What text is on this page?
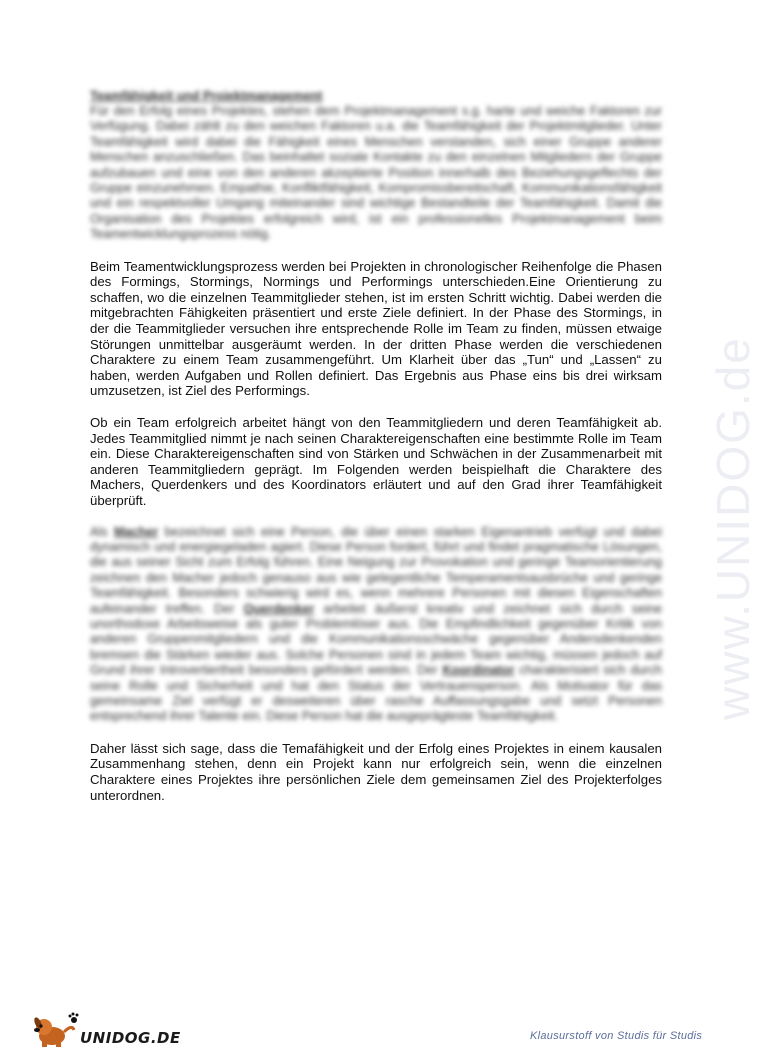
www.UNIDOG.de
Teamfähigkeit und Projektmanagement

Für den Erfolg eines Projektes, stehen dem Projektmanagement s.g. harte und weiche Faktoren zur Verfügung. Dabei zählt zu den weichen Faktoren u.a. die Teamfähigkeit der Projektmitglieder. Unter Teamfähigkeit wird dabei die Fähigkeit eines Menschen verstanden, sich einer Gruppe anderer Menschen anzuschließen. Das beinhaltet soziale Kontakte zu den einzelnen Mitgliedern der Gruppe aufzubauen und eine von den anderen akzeptierte Position innerhalb des Beziehungsgeflechts der Gruppe einzunehmen. Empathie, Konfliktfähigkeit, Kompromissbereitschaft, Kommunikationsfähigkeit und ein respektvoller Umgang miteinander sind wichtige Bestandteile der Teamfähigkeit. Damit die Organisation des Projektes erfolgreich wird, ist ein professionelles Projektmanagement beim Teamentwicklungsprozess nötig.

Beim Teamentwicklungsprozess werden bei Projekten in chronologischer Reihenfolge die Phasen des Formings, Stormings, Normings und Performings unterschieden.Eine Orientierung zu schaffen, wo die einzelnen Teammitglieder stehen, ist im ersten Schritt wichtig. Dabei werden die mitgebrachten Fähigkeiten präsentiert und erste Ziele definiert. In der Phase des Stormings, in der die Teammitglieder versuchen ihre entsprechende Rolle im Team zu finden, müssen etwaige Störungen unmittelbar ausgeräumt werden. In der dritten Phase werden die verschiedenen Charaktere zu einem Team zusammengeführt. Um Klarheit über das „Tun“ und „Lassen“ zu haben, werden Aufgaben und Rollen definiert. Das Ergebnis aus Phase eins bis drei wirksam umzusetzen, ist Ziel des Performings.

Ob ein Team erfolgreich arbeitet hängt von den Teammitgliedern und deren Teamfähigkeit ab. Jedes Teammitglied nimmt je nach seinen Charaktereigenschaften eine bestimmte Rolle im Team ein. Diese Charaktereigenschaften sind von Stärken und Schwächen in der Zusammenarbeit mit anderen Teammitgliedern geprägt. Im Folgenden werden beispielhaft die Charaktere des Machers, Querdenkers und des Koordinators erläutert und auf den Grad ihrer Teamfähigkeit überprüft.

Als Macher bezeichnet sich eine Person, die über einen starken Eigenantrieb verfügt und dabei dynamisch und energiegeladen agiert. Diese Person fordert, führt und findet pragmatische Lösungen, die aus seiner Sicht zum Erfolg führen. Eine Neigung zur Provokation und geringe Teamorientierung zeichnen den Macher jedoch genauso aus wie gelegentliche Temperamentsausbrüche und geringe Teamfähigkeit. Besonders schwierig wird es, wenn mehrere Personen mit diesen Eigenschaften aufeinander treffen. Der Querdenker arbeitet äußerst kreativ und zeichnet sich durch seine unorthodoxe Arbeitsweise als guter Problemlöser aus. Die Empfindlichkeit gegenüber Kritik von anderen Gruppenmitgliedern und die Kommunikationsschwäche gegenüber Andersdenkenden bremsen die Stärken wieder aus. Solche Personen sind in jedem Team wichtig, müssen jedoch auf Grund ihrer Introvertiertheit besonders gefördert werden. Der Koordinator charakterisiert sich durch seine Rolle und Sicherheit und hat den Status der Vertrauensperson. Als Motivator für das gemeinsame Ziel verfügt er desweiteren über rasche Auffassungsgabe und setzt Personen entsprechend ihrer Talente ein. Diese Person hat die ausgeprägteste Teamfähigkeit.

Daher lässt sich sage, dass die Temafähigkeit und der Erfolg eines Projektes in einem kausalen Zusammenhang stehen, denn ein Projekt kann nur erfolgreich sein, wenn die einzelnen Charaktere eines Projektes ihre persönlichen Ziele dem gemeinsamen Ziel des Projekterfolges unterordnen.

UNIDOG.DE	Klausurstoff von Studis für Studis
